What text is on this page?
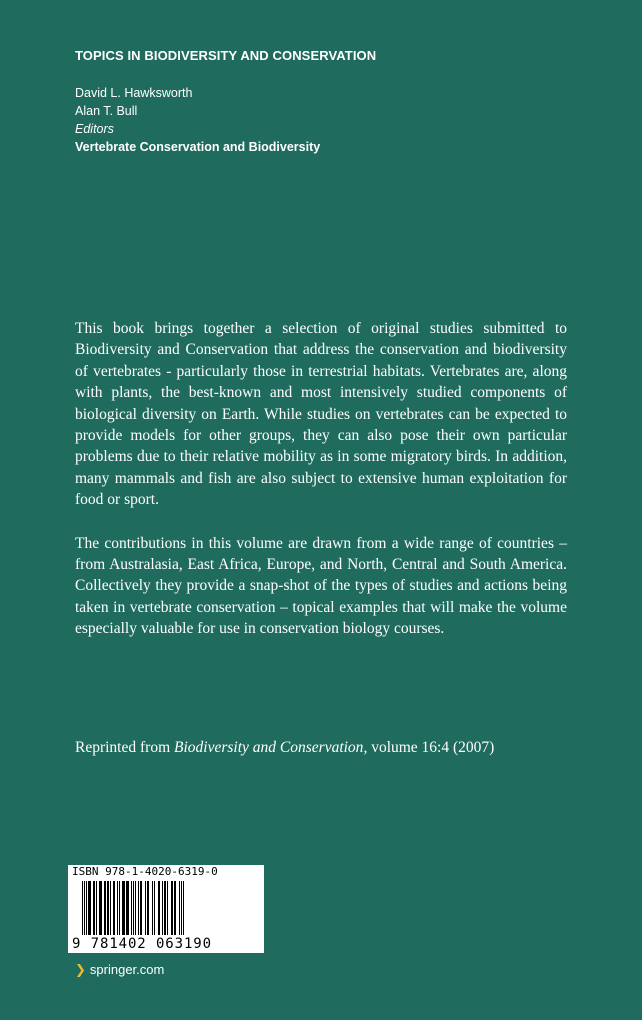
TOPICS IN BIODIVERSITY AND CONSERVATION
David L. Hawksworth
Alan T. Bull
Editors
Vertebrate Conservation and Biodiversity

This book brings together a selection of original studies submitted to Biodiversity and Conservation that address the conservation and biodiversity of vertebrates - particularly those in terrestrial habitats. Vertebrates are, along with plants, the best-known and most intensively studied components of biological diversity on Earth. While studies on vertebrates can be expected to provide models for other groups, they can also pose their own particular problems due to their relative mobility as in some migratory birds. In addition, many mammals and fish are also subject to extensive human exploitation for food or sport.

The contributions in this volume are drawn from a wide range of countries – from Australasia, East Africa, Europe, and North, Central and South America. Collectively they provide a snap-shot of the types of studies and actions being taken in vertebrate conservation – topical examples that will make the volume especially valuable for use in conservation biology courses.

Reprinted from Biodiversity and Conservation, volume 16:4 (2007)
ISBN 978-1-4020-6319-0
9 781402 063190
❯ springer.com
